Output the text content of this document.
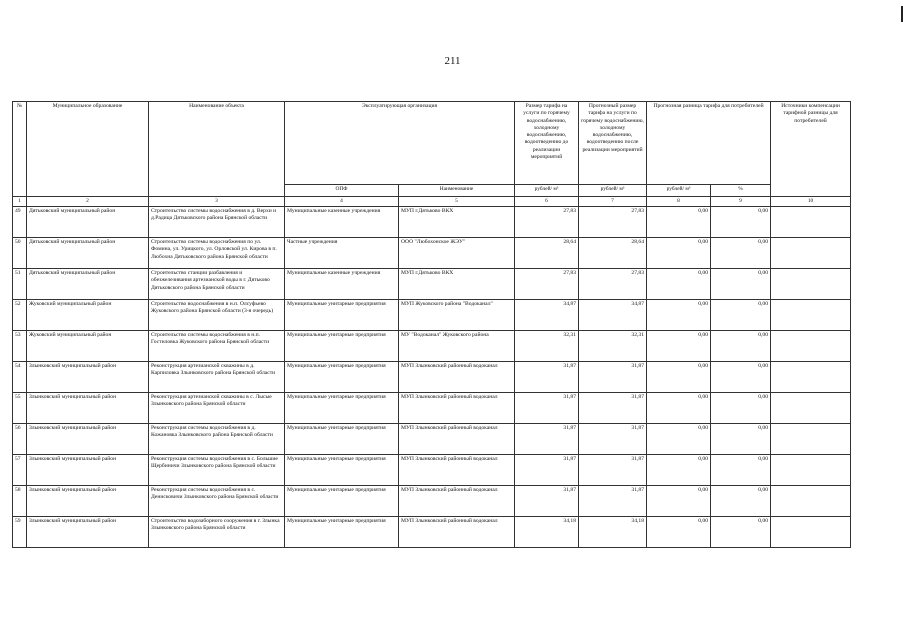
211
№	Муниципальное образование	Наименование объекта	Эксплуатирующая организация		Размер тарифа на услуги по горячему водоснабжению, холодному водоснабжению, водоотведению до реализации мероприятий	Прогнозный размер тарифа на услуги по горячему водоснабжению, холодному водоснабжению, водоотведению после реализации мероприятий	Прогнозная разница тарифа для потребителей		Источники компенсации тарифной разницы для потребителей
			ОПФ	Наименование	рублей/ м³	рублей/ м³	рублей/ м³	%	
1	2	3	4	5	6	7	8	9	10
49	Дятьковский муниципальный район	Строительство системы водоснабжения в д. Верхи и д.Радица Дятьковского района Брянской области	Муниципальные казенные учреждения	МУП г.Дятьково ВКХ	27,83	27,83	0,00	0,00	
50	Дятьковский муниципальный район	Строительство системы водоснабжения по ул. Фомина, ул. Урицкого, ул. Орловской ул. Кирова в п. Любохна Дятьковского района Брянской области	Частные учреждения	ООО "Любохонское ЖЭУ"	28,64	28,64	0,00	0,00	
51	Дятьковский муниципальный район	Строительство станции разбавления и обезжелезивания артезианской воды в г. Дятьково Дятьковского района Брянской области	Муниципальные казенные учреждения	МУП г.Дятьково ВКХ	27,83	27,83	0,00	0,00	
52	Жуковский муниципальный район	Строительство водоснабжения в н.п. Олсуфьево Жуковского района Брянской области (3-я очередь)	Муниципальные унитарные предприятия	МУП Жуковского района "Водоканал"	34,87	34,87	0,00	0,00	
53	Жуковский муниципальный район	Строительство системы водоснабжения в н.п. Гостиловка Жуковского района Брянской области	Муниципальные унитарные предприятия	МУ "Водоканал" Жуковского района	32,31	32,31	0,00	0,00	
54	Злынковский муниципальный район	Реконструкция артезианской скважины в д. Карпиловка Злынковского района Брянской области	Муниципальные унитарные предприятия	МУП Злынковский районный водоканал	31,87	31,87	0,00	0,00	
55	Злынковский муниципальный район	Реконструкция артезианской скважины в с. Лысые Злынковского района Брянской области	Муниципальные унитарные предприятия	МУП Злынковский районный водоканал	31,87	31,87	0,00	0,00	
56	Злынковский муниципальный район	Реконструкция системы водоснабжения в д. Кожановка Злынковского района Брянской области	Муниципальные унитарные предприятия	МУП Злынковский районный водоканал	31,87	31,87	0,00	0,00	
57	Злынковский муниципальный район	Реконструкция системы водоснабжения в с. Большие Щербиничи Злынковского района Брянской области	Муниципальные унитарные предприятия	МУП Злынковский районный водоканал	31,87	31,87	0,00	0,00	
58	Злынковский муниципальный район	Реконструкция системы водоснабжения в с. Денисковичи Злынковского района Брянской области	Муниципальные унитарные предприятия	МУП Злынковский районный водоканал	31,87	31,87	0,00	0,00	
59	Злынковский муниципальный район	Строительство водозаборного сооружения в г. Злынка Злынковского района Брянской области	Муниципальные унитарные предприятия	МУП Злынковский районный водоканал	34,18	34,18	0,00	0,00	
